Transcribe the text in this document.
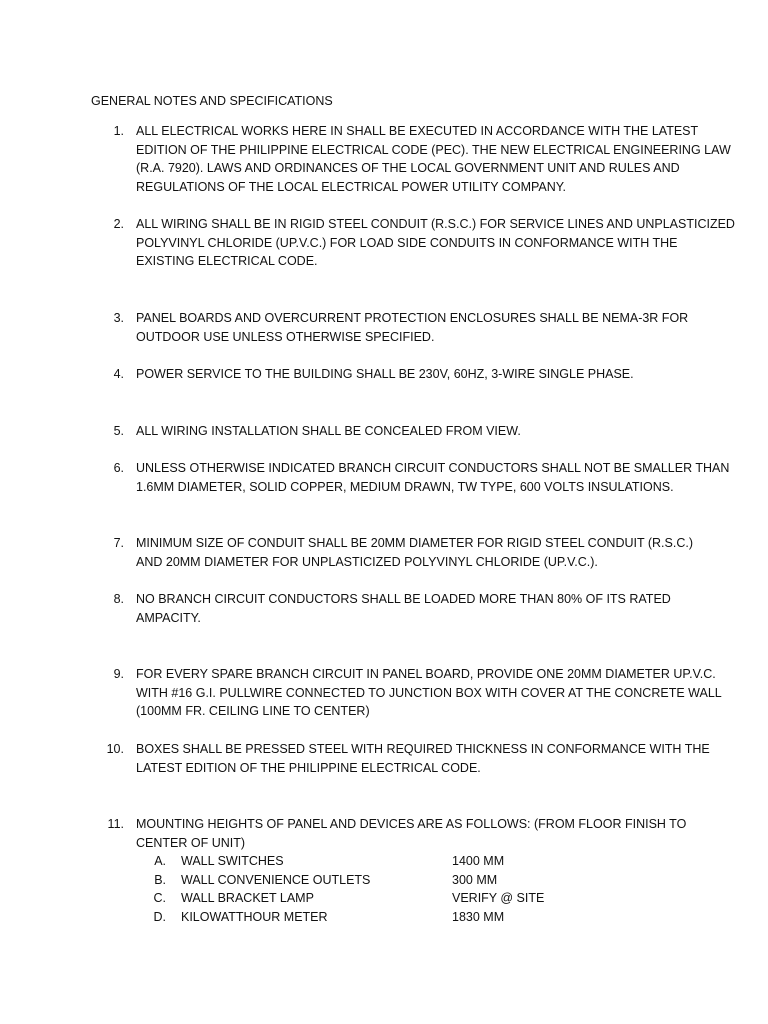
GENERAL NOTES AND SPECIFICATIONS
1. ALL ELECTRICAL WORKS HERE IN SHALL BE EXECUTED IN ACCORDANCE WITH THE LATEST
EDITION OF THE PHILIPPINE ELECTRICAL CODE (PEC). THE NEW ELECTRICAL ENGINEERING LAW
(R.A. 7920). LAWS AND ORDINANCES OF THE LOCAL GOVERNMENT UNIT AND RULES AND
REGULATIONS OF THE LOCAL ELECTRICAL POWER UTILITY COMPANY.
2. ALL WIRING SHALL BE IN RIGID STEEL CONDUIT (R.S.C.) FOR SERVICE LINES AND UNPLASTICIZED
POLYVINYL CHLORIDE (UP.V.C.) FOR LOAD SIDE CONDUITS IN CONFORMANCE WITH THE
EXISTING ELECTRICAL CODE.
3. PANEL BOARDS AND OVERCURRENT PROTECTION ENCLOSURES SHALL BE NEMA-3R FOR
OUTDOOR USE UNLESS OTHERWISE SPECIFIED.
4. POWER SERVICE TO THE BUILDING SHALL BE 230V, 60HZ, 3-WIRE SINGLE PHASE.
5. ALL WIRING INSTALLATION SHALL BE CONCEALED FROM VIEW.
6. UNLESS OTHERWISE INDICATED BRANCH CIRCUIT CONDUCTORS SHALL NOT BE SMALLER THAN
1.6MM DIAMETER, SOLID COPPER, MEDIUM DRAWN, TW TYPE, 600 VOLTS INSULATIONS.
7. MINIMUM SIZE OF CONDUIT SHALL BE 20MM DIAMETER FOR RIGID STEEL CONDUIT (R.S.C.)
AND 20MM DIAMETER FOR UNPLASTICIZED POLYVINYL CHLORIDE (UP.V.C.).
8. NO BRANCH CIRCUIT CONDUCTORS SHALL BE LOADED MORE THAN 80% OF ITS RATED
AMPACITY.
9. FOR EVERY SPARE BRANCH CIRCUIT IN PANEL BOARD, PROVIDE ONE 20MM DIAMETER UP.V.C.
WITH #16 G.I. PULLWIRE CONNECTED TO JUNCTION BOX WITH COVER AT THE CONCRETE WALL
(100MM FR. CEILING LINE TO CENTER)
10. BOXES SHALL BE PRESSED STEEL WITH REQUIRED THICKNESS IN CONFORMANCE WITH THE
LATEST EDITION OF THE PHILIPPINE ELECTRICAL CODE.
11. MOUNTING HEIGHTS OF PANEL AND DEVICES ARE AS FOLLOWS: (FROM FLOOR FINISH TO
CENTER OF UNIT)
A. WALL SWITCHES	1400 MM
B. WALL CONVENIENCE OUTLETS	300 MM
C. WALL BRACKET LAMP	VERIFY @ SITE
D. KILOWATTHOUR METER	1830 MM
